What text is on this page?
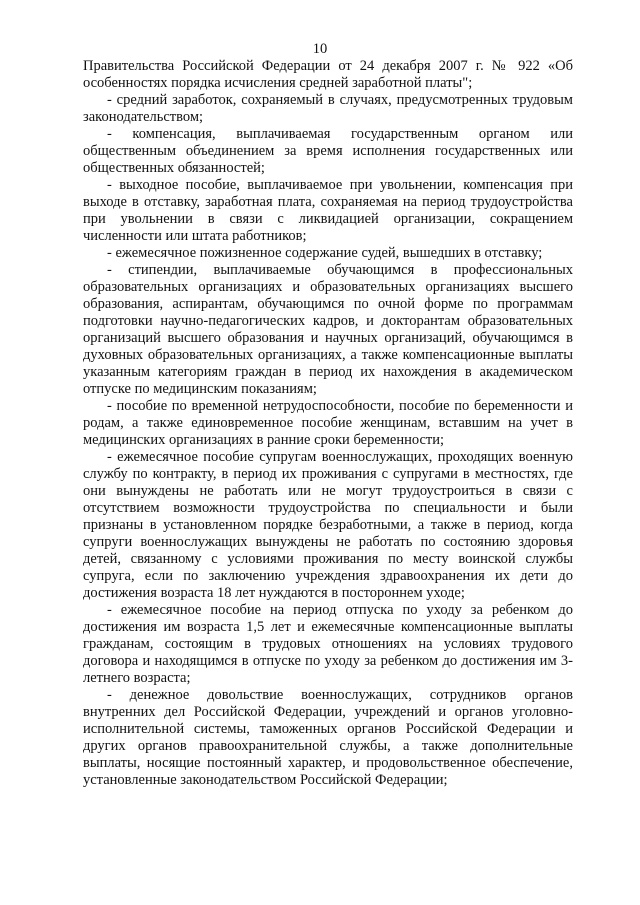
10

Правительства Российской Федерации от 24 декабря 2007 г. № 922 «Об особенностях порядка исчисления средней заработной платы";

- средний заработок, сохраняемый в случаях, предусмотренных трудовым законодательством;

- компенсация, выплачиваемая государственным органом или общественным объединением за время исполнения государственных или общественных обязанностей;

- выходное пособие, выплачиваемое при увольнении, компенсация при выходе в отставку, заработная плата, сохраняемая на период трудоустройства при увольнении в связи с ликвидацией организации, сокращением численности или штата работников;

- ежемесячное пожизненное содержание судей, вышедших в отставку;

- стипендии, выплачиваемые обучающимся в профессиональных образовательных организациях и образовательных организациях высшего образования, аспирантам, обучающимся по очной форме по программам подготовки научно-педагогических кадров, и докторантам образовательных организаций высшего образования и научных организаций, обучающимся в духовных образовательных организациях, а также компенсационные выплаты указанным категориям граждан в период их нахождения в академическом отпуске по медицинским показаниям;

- пособие по временной нетрудоспособности, пособие по беременности и родам, а также единовременное пособие женщинам, вставшим на учет в медицинских организациях в ранние сроки беременности;

- ежемесячное пособие супругам военнослужащих, проходящих военную службу по контракту, в период их проживания с супругами в местностях, где они вынуждены не работать или не могут трудоустроиться в связи с отсутствием возможности трудоустройства по специальности и были признаны в установленном порядке безработными, а также в период, когда супруги военнослужащих вынуждены не работать по состоянию здоровья детей, связанному с условиями проживания по месту воинской службы супруга, если по заключению учреждения здравоохранения их дети до достижения возраста 18 лет нуждаются в постороннем уходе;

- ежемесячное пособие на период отпуска по уходу за ребенком до достижения им возраста 1,5 лет и ежемесячные компенсационные выплаты гражданам, состоящим в трудовых отношениях на условиях трудового договора и находящимся в отпуске по уходу за ребенком до достижения им 3-летнего возраста;

- денежное довольствие военнослужащих, сотрудников органов внутренних дел Российской Федерации, учреждений и органов уголовно-исполнительной системы, таможенных органов Российской Федерации и других органов правоохранительной службы, а также дополнительные выплаты, носящие постоянный характер, и продовольственное обеспечение, установленные законодательством Российской Федерации;
